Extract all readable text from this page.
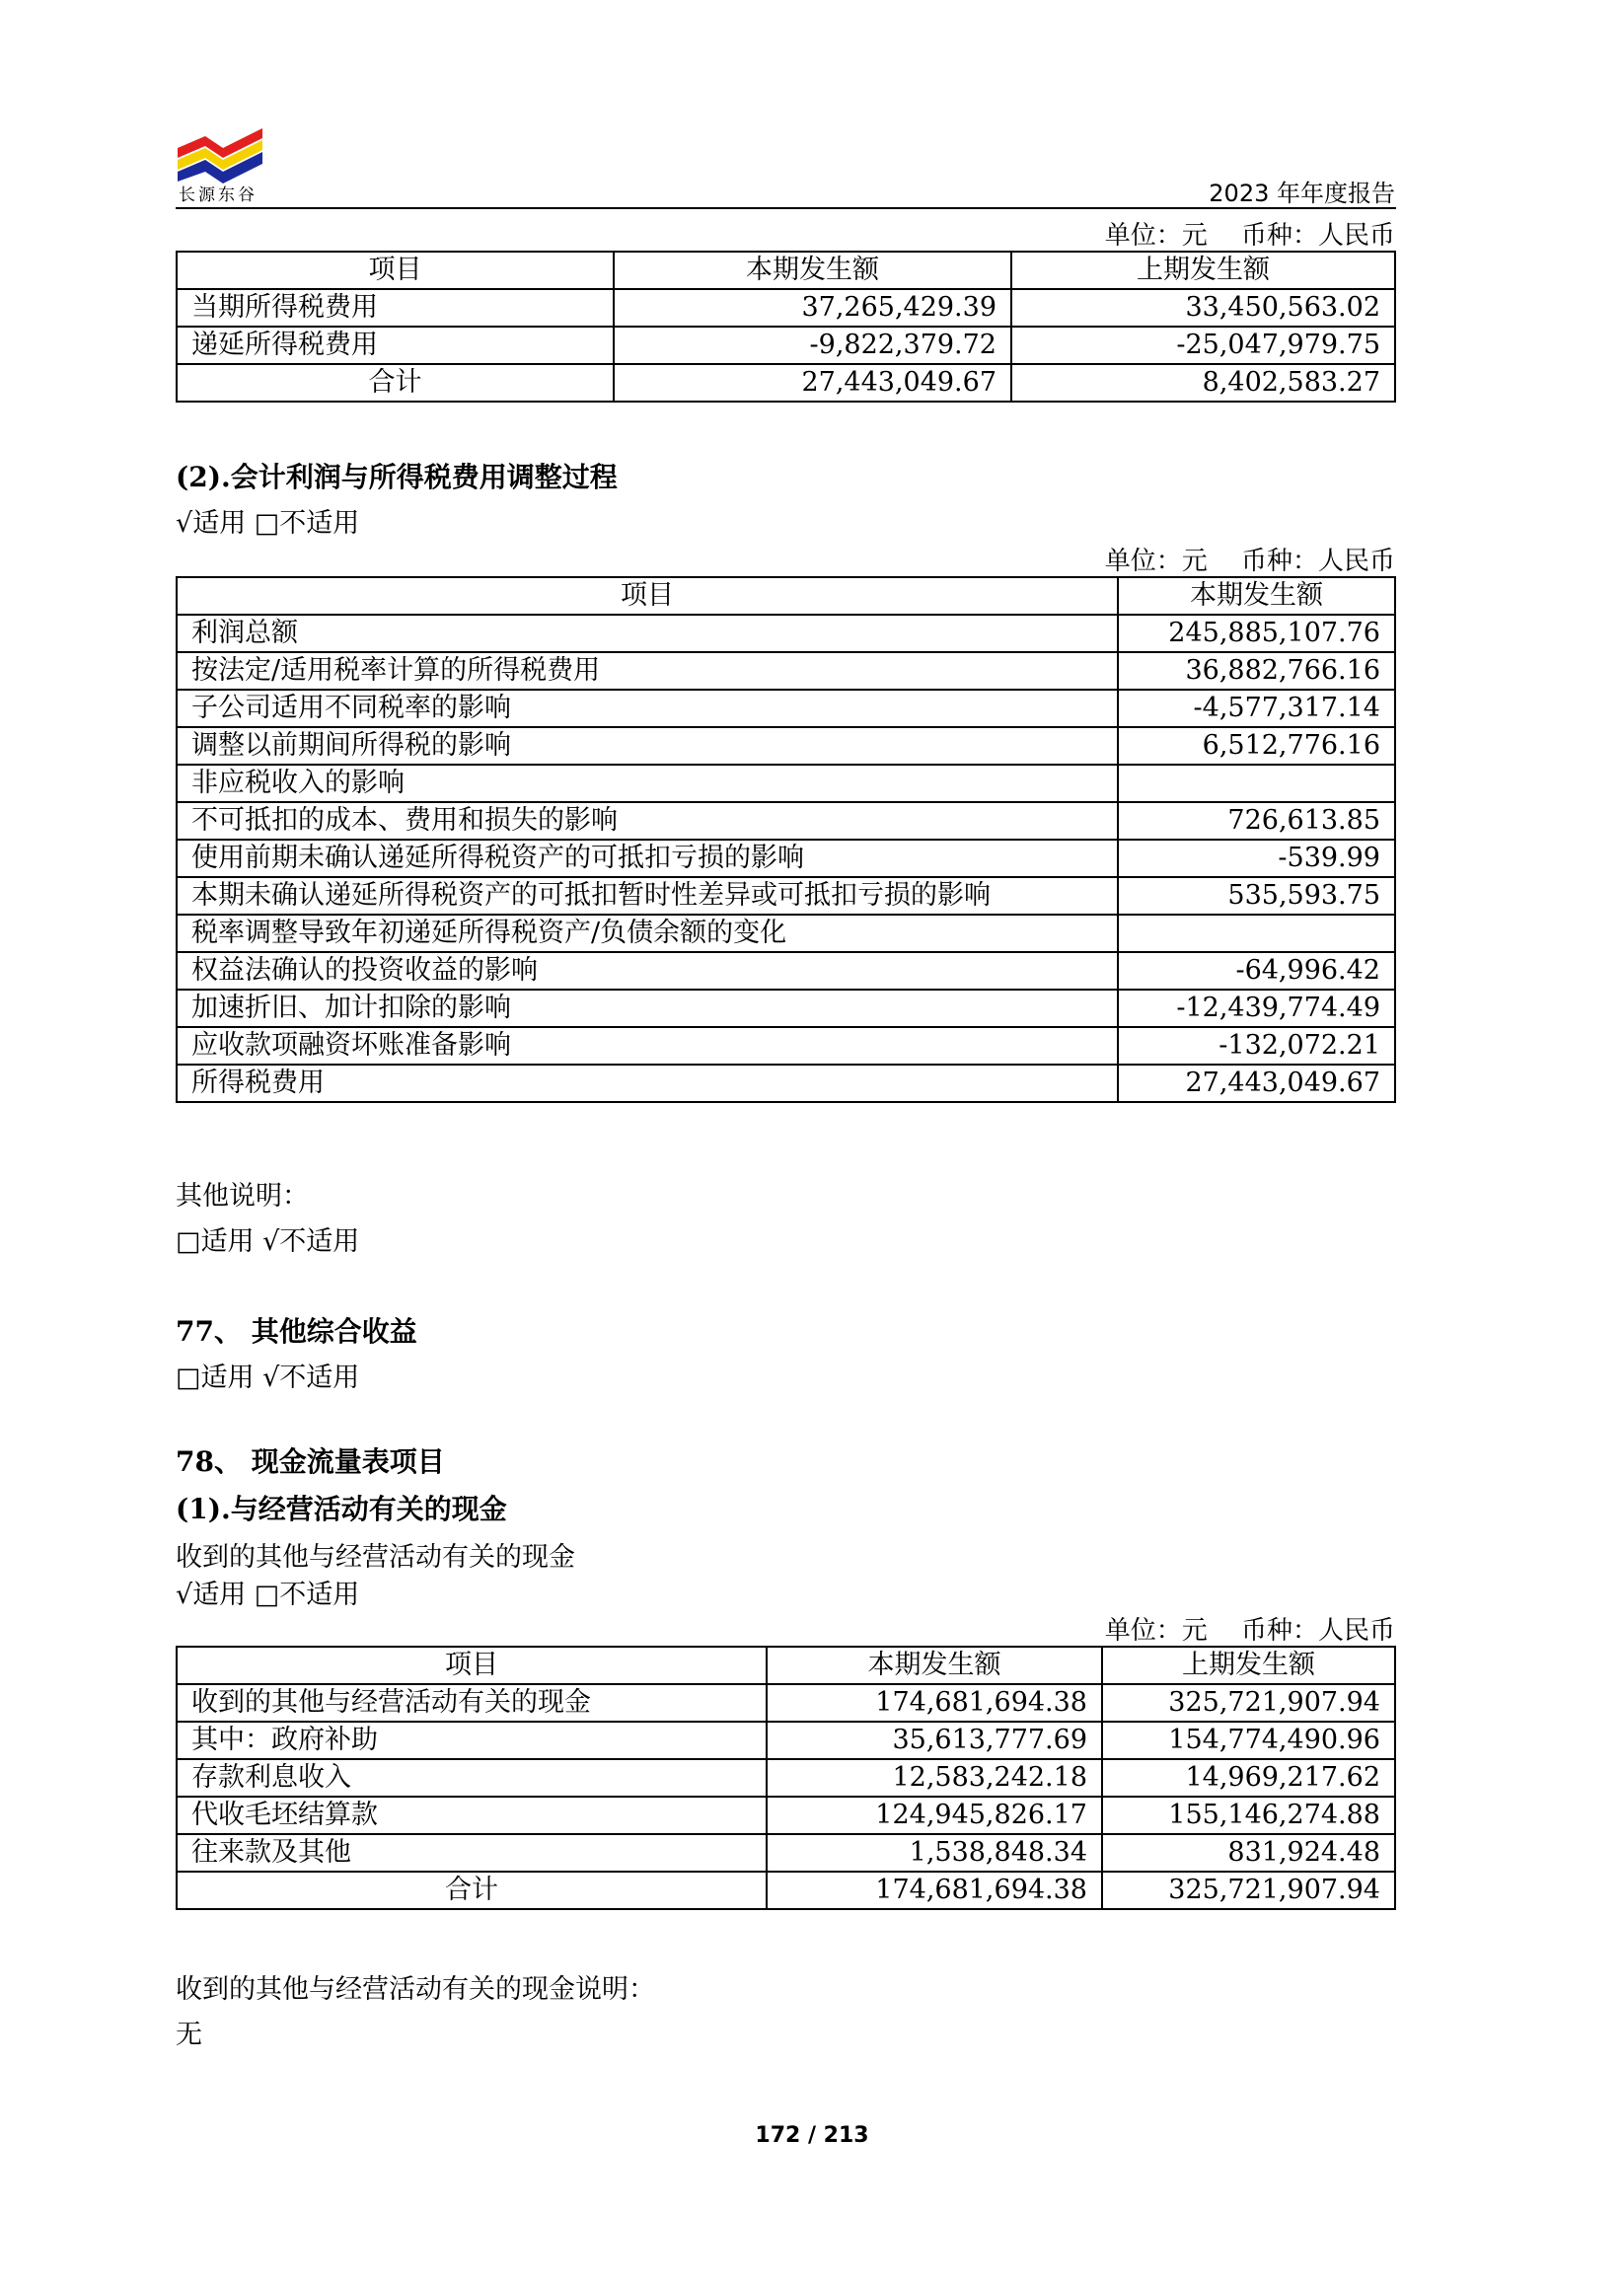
长源东谷	2023 年年度报告
单位：元　 币种：人民币
项目	本期发生额	上期发生额
当期所得税费用	37,265,429.39	33,450,563.02
递延所得税费用	-9,822,379.72	-25,047,979.75
合计	27,443,049.67	8,402,583.27
(2).会计利润与所得税费用调整过程
√适用 □不适用
单位：元　 币种：人民币
项目	本期发生额
利润总额	245,885,107.76
按法定/适用税率计算的所得税费用	36,882,766.16
子公司适用不同税率的影响	-4,577,317.14
调整以前期间所得税的影响	6,512,776.16
非应税收入的影响	
不可抵扣的成本、费用和损失的影响	726,613.85
使用前期未确认递延所得税资产的可抵扣亏损的影响	-539.99
本期未确认递延所得税资产的可抵扣暂时性差异或可抵扣亏损的影响	535,593.75
税率调整导致年初递延所得税资产/负债余额的变化	
权益法确认的投资收益的影响	-64,996.42
加速折旧、加计扣除的影响	-12,439,774.49
应收款项融资坏账准备影响	-132,072.21
所得税费用	27,443,049.67
其他说明：
□适用 √不适用
77、 其他综合收益
□适用 √不适用
78、 现金流量表项目
(1).与经营活动有关的现金
收到的其他与经营活动有关的现金
√适用 □不适用
单位：元　 币种：人民币
项目	本期发生额	上期发生额
收到的其他与经营活动有关的现金	174,681,694.38	325,721,907.94
其中：政府补助	35,613,777.69	154,774,490.96
存款利息收入	12,583,242.18	14,969,217.62
代收毛坯结算款	124,945,826.17	155,146,274.88
往来款及其他	1,538,848.34	831,924.48
合计	174,681,694.38	325,721,907.94
收到的其他与经营活动有关的现金说明：
无
172 / 213
